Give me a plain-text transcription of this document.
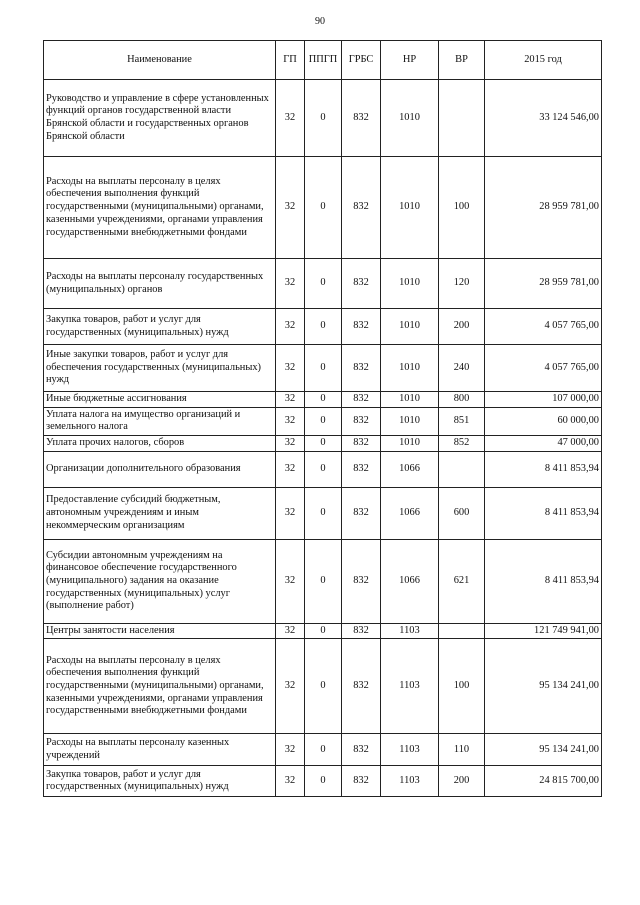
90
Наименование	ГП	ППГП	ГРБС	НР	ВР	2015 год
Руководство и управление в сфере установленных функций органов государственной власти Брянской области и государственных органов Брянской области	32	0	832	1010		33 124 546,00
Расходы на выплаты персоналу в целях обеспечения выполнения функций государственными (муниципальными) органами, казенными учреждениями, органами управления государственными внебюджетными фондами	32	0	832	1010	100	28 959 781,00
Расходы на выплаты персоналу государственных (муниципальных) органов	32	0	832	1010	120	28 959 781,00
Закупка товаров, работ и услуг для государственных (муниципальных) нужд	32	0	832	1010	200	4 057 765,00
Иные закупки товаров, работ и услуг для обеспечения государственных (муниципальных) нужд	32	0	832	1010	240	4 057 765,00
Иные бюджетные ассигнования	32	0	832	1010	800	107 000,00
Уплата налога на имущество организаций и земельного налога	32	0	832	1010	851	60 000,00
Уплата прочих налогов, сборов	32	0	832	1010	852	47 000,00
Организации дополнительного образования	32	0	832	1066		8 411 853,94
Предоставление субсидий бюджетным, автономным учреждениям и иным некоммерческим организациям	32	0	832	1066	600	8 411 853,94
Субсидии автономным учреждениям на финансовое обеспечение государственного (муниципального) задания на оказание государственных (муниципальных) услуг (выполнение работ)	32	0	832	1066	621	8 411 853,94
Центры занятости населения	32	0	832	1103		121 749 941,00
Расходы на выплаты персоналу в целях обеспечения выполнения функций государственными (муниципальными) органами, казенными учреждениями, органами управления государственными внебюджетными фондами	32	0	832	1103	100	95 134 241,00
Расходы на выплаты персоналу казенных учреждений	32	0	832	1103	110	95 134 241,00
Закупка товаров, работ и услуг для государственных (муниципальных) нужд	32	0	832	1103	200	24 815 700,00
